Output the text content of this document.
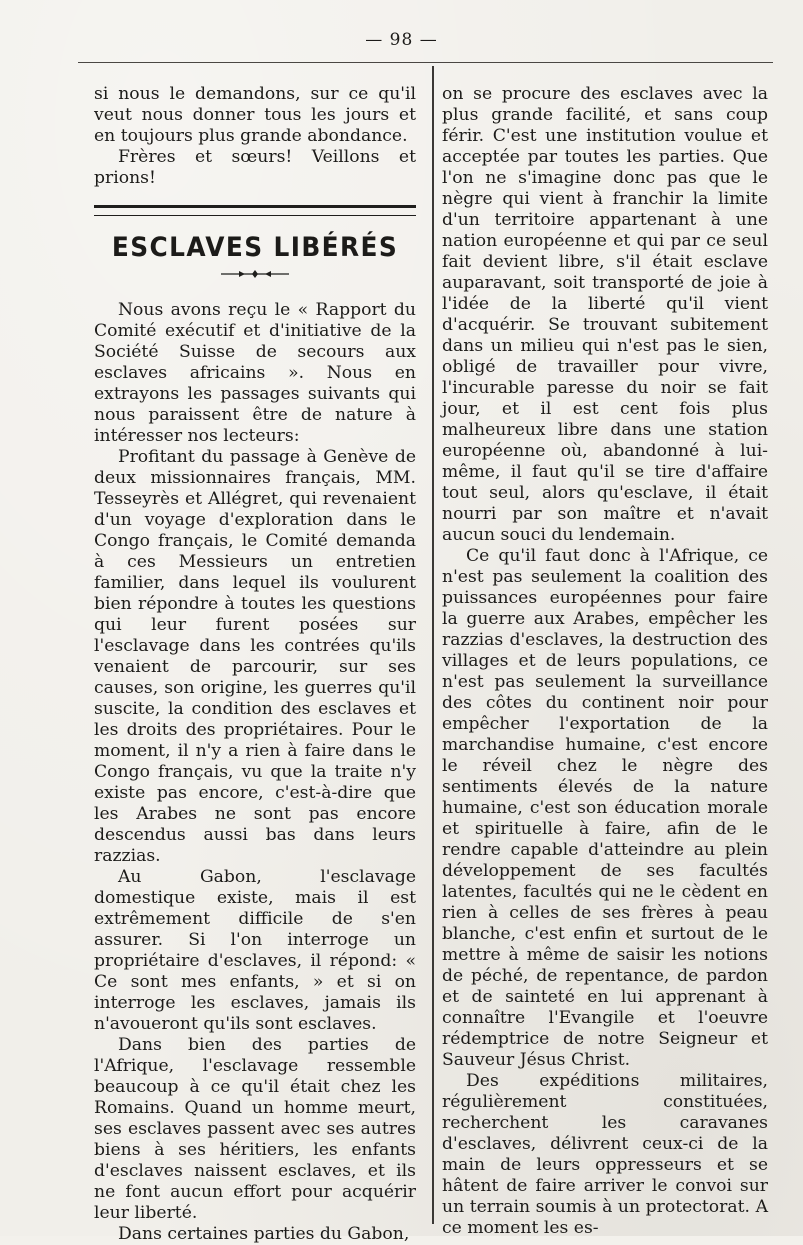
— 98 —

si nous le demandons, sur ce qu'il veut nous donner tous les jours et en toujours plus grande abondance.

Frères et sœurs! Veillons et prions!

ESCLAVES LIBÉRÉS

Nous avons reçu le « Rapport du Comité exécutif et d'initiative de la Société Suisse de secours aux esclaves africains ». Nous en extrayons les passages suivants qui nous paraissent être de nature à intéresser nos lecteurs:

Profitant du passage à Genève de deux missionnaires français, MM. Tesseyrès et Allégret, qui revenaient d'un voyage d'exploration dans le Congo français, le Comité demanda à ces Messieurs un entretien familier, dans lequel ils voulurent bien répondre à toutes les questions qui leur furent posées sur l'esclavage dans les contrées qu'ils venaient de parcourir, sur ses causes, son origine, les guerres qu'il suscite, la condition des esclaves et les droits des propriétaires. Pour le moment, il n'y a rien à faire dans le Congo français, vu que la traite n'y existe pas encore, c'est-à-dire que les Arabes ne sont pas encore descendus aussi bas dans leurs razzias.

Au Gabon, l'esclavage domestique existe, mais il est extrêmement difficile de s'en assurer. Si l'on interroge un propriétaire d'esclaves, il répond: « Ce sont mes enfants, » et si on interroge les esclaves, jamais ils n'avoueront qu'ils sont esclaves.

Dans bien des parties de l'Afrique, l'esclavage ressemble beaucoup à ce qu'il était chez les Romains. Quand un homme meurt, ses esclaves passent avec ses autres biens à ses héritiers, les enfants d'esclaves naissent esclaves, et ils ne font aucun effort pour acquérir leur liberté.

Dans certaines parties du Gabon,

on se procure des esclaves avec la plus grande facilité, et sans coup férir. C'est une institution voulue et acceptée par toutes les parties. Que l'on ne s'imagine donc pas que le nègre qui vient à franchir la limite d'un territoire appartenant à une nation européenne et qui par ce seul fait devient libre, s'il était esclave auparavant, soit transporté de joie à l'idée de la liberté qu'il vient d'acquérir. Se trouvant subitement dans un milieu qui n'est pas le sien, obligé de travailler pour vivre, l'incurable paresse du noir se fait jour, et il est cent fois plus malheureux libre dans une station européenne où, abandonné à lui-même, il faut qu'il se tire d'affaire tout seul, alors qu'esclave, il était nourri par son maître et n'avait aucun souci du lendemain.

Ce qu'il faut donc à l'Afrique, ce n'est pas seulement la coalition des puissances européennes pour faire la guerre aux Arabes, empêcher les razzias d'esclaves, la destruction des villages et de leurs populations, ce n'est pas seulement la surveillance des côtes du continent noir pour empêcher l'exportation de la marchandise humaine, c'est encore le réveil chez le nègre des sentiments élevés de la nature humaine, c'est son éducation morale et spirituelle à faire, afin de le rendre capable d'atteindre au plein développement de ses facultés latentes, facultés qui ne le cèdent en rien à celles de ses frères à peau blanche, c'est enfin et surtout de le mettre à même de saisir les notions de péché, de repentance, de pardon et de sainteté en lui apprenant à connaître l'Evangile et l'oeuvre rédemptrice de notre Seigneur et Sauveur Jésus Christ.

Des expéditions militaires, régulièrement constituées, recherchent les caravanes d'esclaves, délivrent ceux-ci de la main de leurs oppresseurs et se hâtent de faire arriver le convoi sur un terrain soumis à un protectorat. A ce moment les es-
